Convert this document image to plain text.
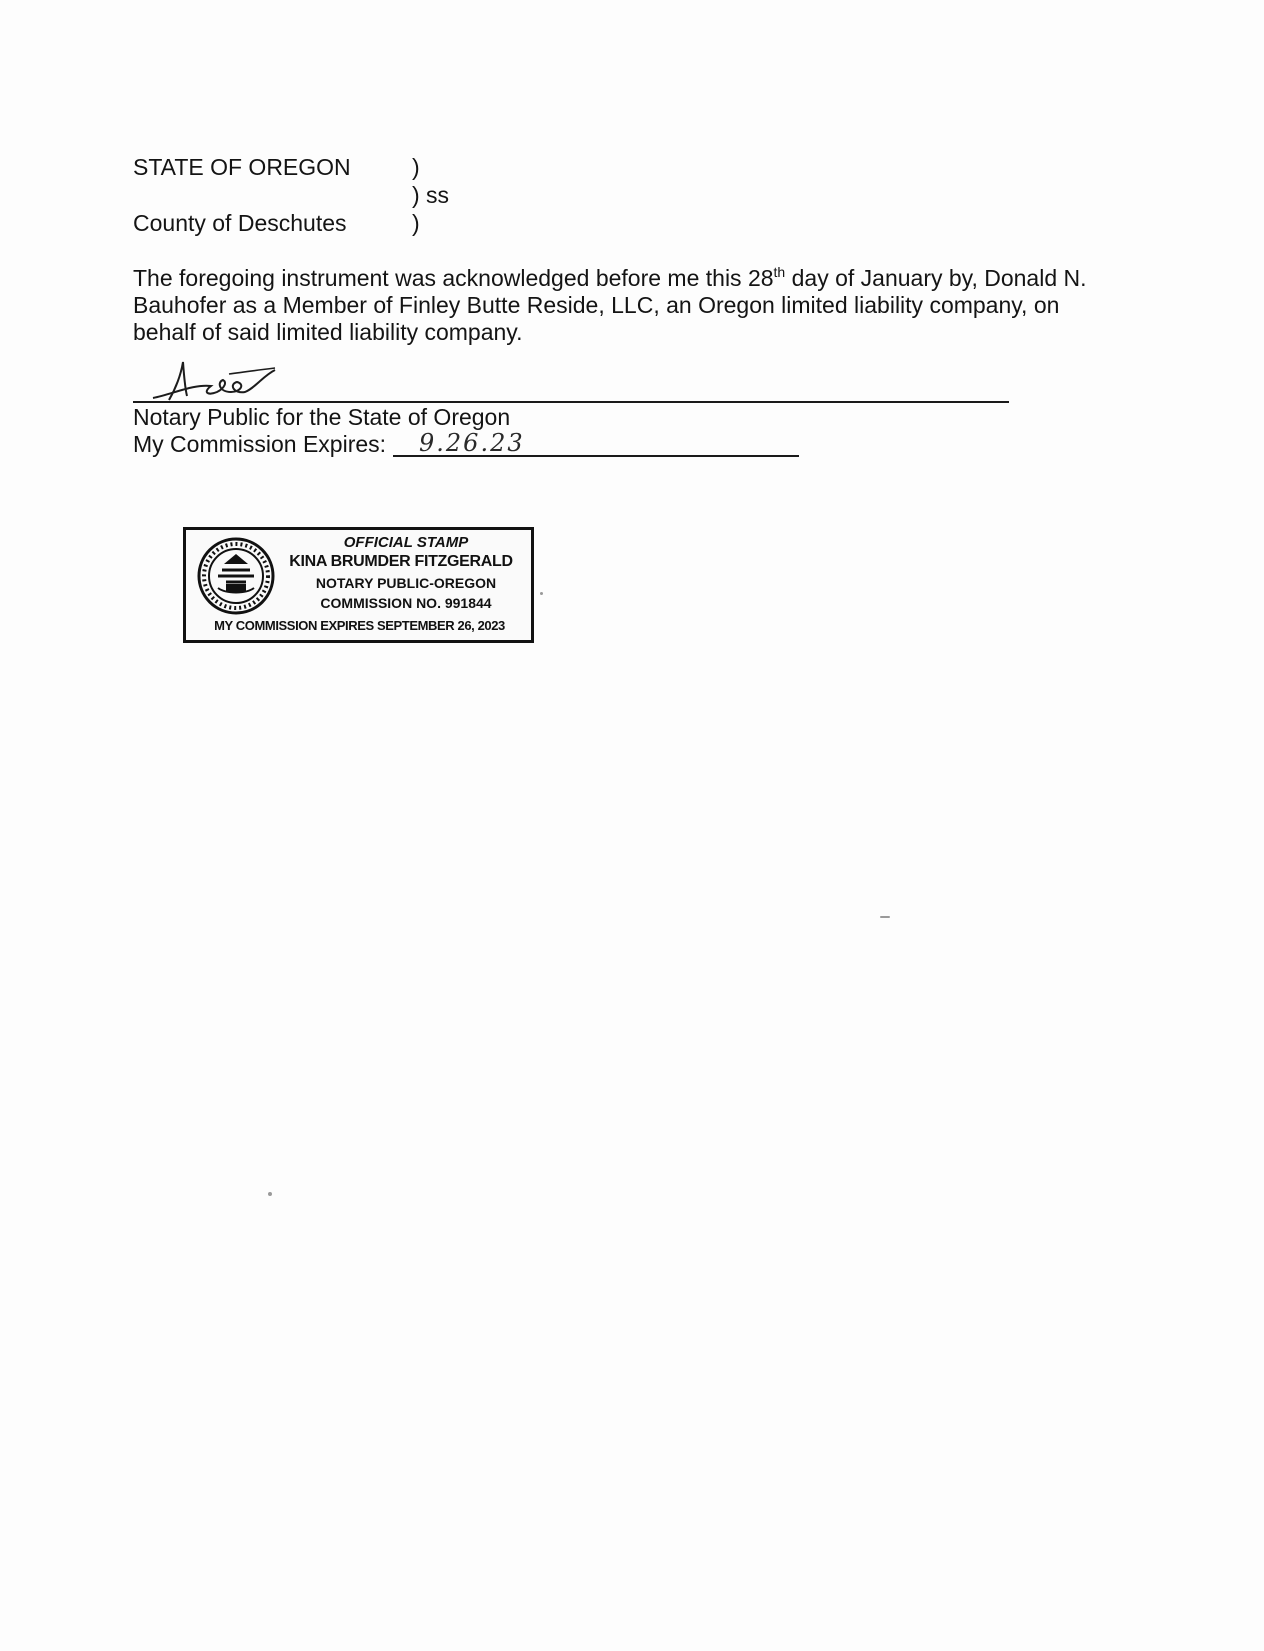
STATE OF OREGON	)
) ss
County of Deschutes	)
The foregoing instrument was acknowledged before me this 28th day of January by, Donald N.
Bauhofer as a Member of Finley Butte Reside, LLC, an Oregon limited liability company, on
behalf of said limited liability company.
Notary Public for the State of Oregon
My Commission Expires: 9.26.23
OFFICIAL STAMP
KINA BRUMDER FITZGERALD
NOTARY PUBLIC-OREGON
COMMISSION NO. 991844
MY COMMISSION EXPIRES SEPTEMBER 26, 2023
